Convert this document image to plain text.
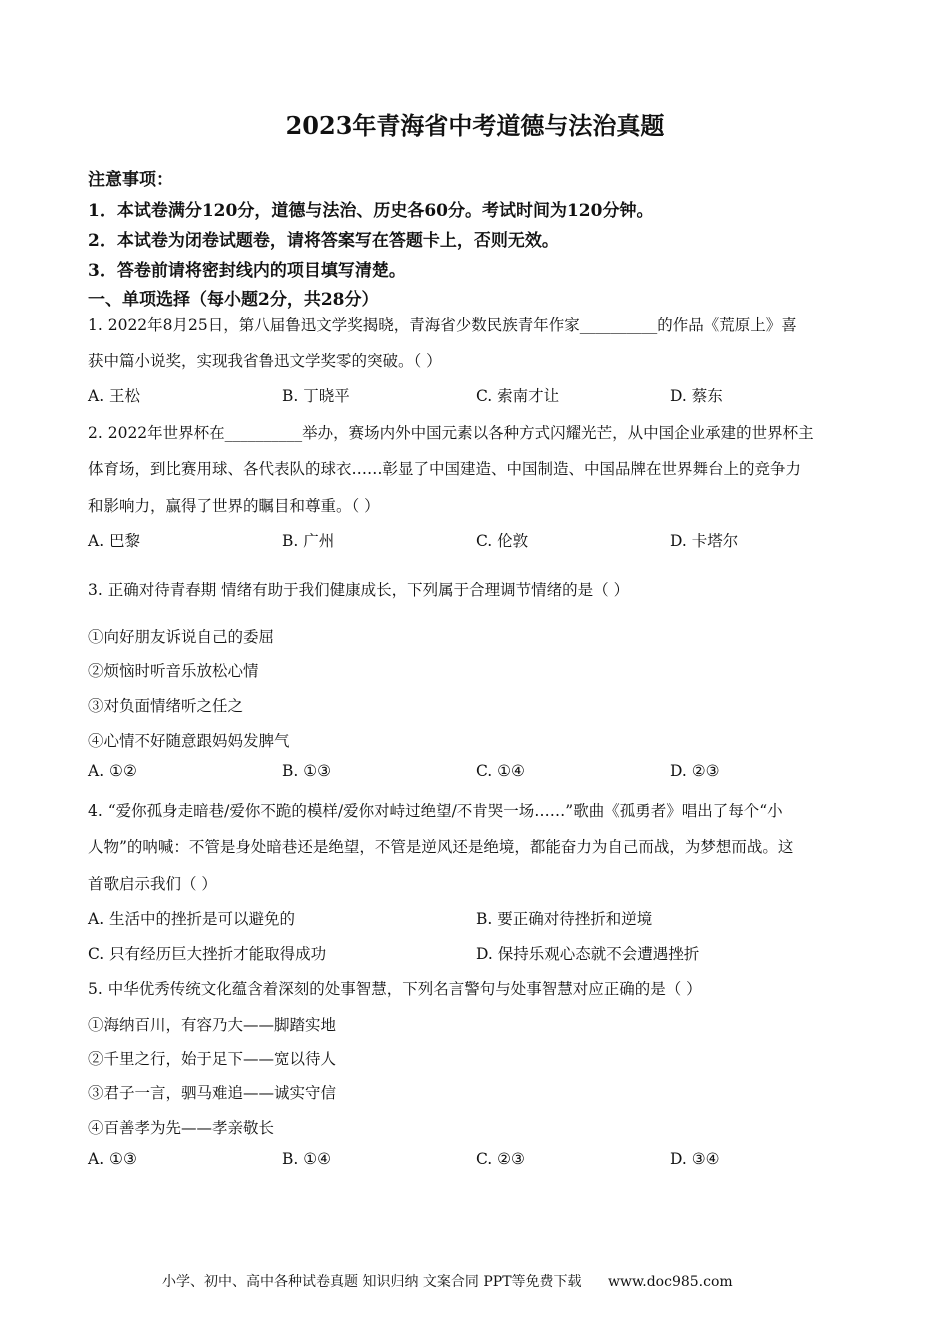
2023年青海省中考道德与法治真题
注意事项：
1．本试卷满分120分，道德与法治、历史各60分。考试时间为120分钟。
2．本试卷为闭卷试题卷，请将答案写在答题卡上，否则无效。
3．答卷前请将密封线内的项目填写清楚。
一、单项选择（每小题2分，共28分）
1. 2022年8月25日，第八届鲁迅文学奖揭晓，青海省少数民族青年作家__________的作品《荒原上》喜
获中篇小说奖，实现我省鲁迅文学奖零的突破。（ ）
A. 王松	B. 丁晓平	C. 索南才让	D. 蔡东
2. 2022年世界杯在__________举办，赛场内外中国元素以各种方式闪耀光芒，从中国企业承建的世界杯主
体育场，到比赛用球、各代表队的球衣……彰显了中国建造、中国制造、中国品牌在世界舞台上的竞争力
和影响力，赢得了世界的瞩目和尊重。（ ）
A. 巴黎	B. 广州	C. 伦敦	D. 卡塔尔
3. 正确对待青春期 情绪有助于我们健康成长，下列属于合理调节情绪的是（ ）
①向好朋友诉说自己的委屈
②烦恼时听音乐放松心情
③对负面情绪听之任之
④心情不好随意跟妈妈发脾气
A. ①②	B. ①③	C. ①④	D. ②③
4. “爱你孤身走暗巷/爱你不跪的模样/爱你对峙过绝望/不肯哭一场……”歌曲《孤勇者》唱出了每个“小
人物”的呐喊：不管是身处暗巷还是绝望，不管是逆风还是绝境，都能奋力为自己而战，为梦想而战。这
首歌启示我们（ ）
A. 生活中的挫折是可以避免的	B. 要正确对待挫折和逆境
C. 只有经历巨大挫折才能取得成功	D. 保持乐观心态就不会遭遇挫折
5. 中华优秀传统文化蕴含着深刻的处事智慧，下列名言警句与处事智慧对应正确的是（ ）
①海纳百川，有容乃大——脚踏实地
②千里之行，始于足下——宽以待人
③君子一言，驷马难追——诚实守信
④百善孝为先——孝亲敬长
A. ①③	B. ①④	C. ②③	D. ③④
小学、初中、高中各种试卷真题 知识归纳 文案合同 PPT等免费下载 www.doc985.com
